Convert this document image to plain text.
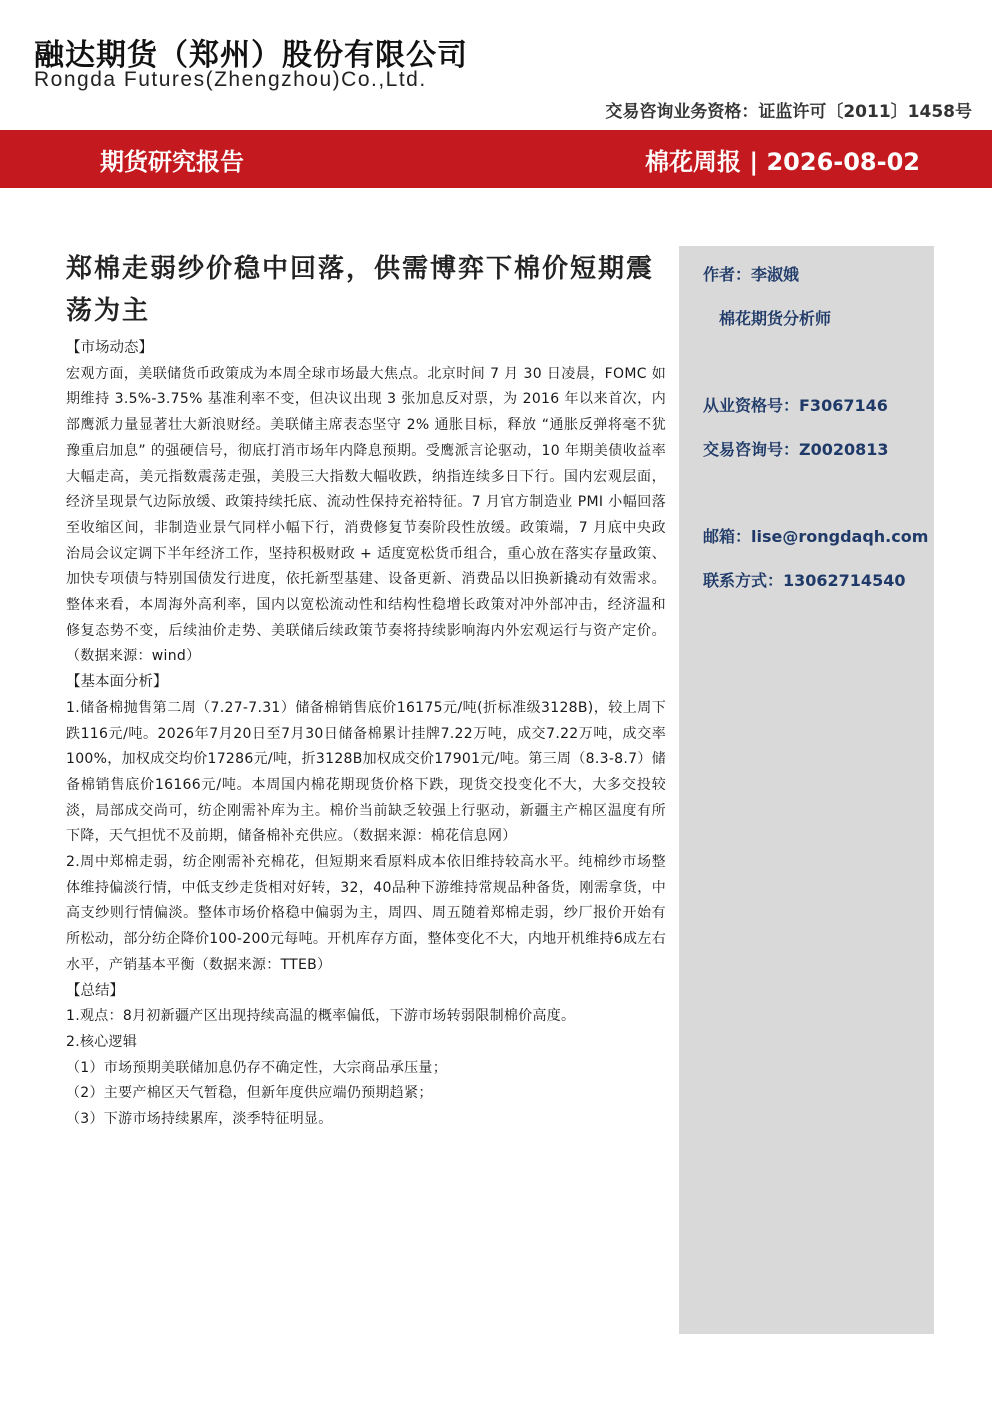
融达期货（郑州）股份有限公司
Rongda Futures(Zhengzhou)Co.,Ltd.
交易咨询业务资格：证监许可〔2011〕1458号
期货研究报告	棉花周报 | 2026-08-02
作者：李淑娥
棉花期货分析师
从业资格号：F3067146
交易咨询号：Z0020813
邮箱：lise@rongdaqh.com
联系方式：13062714540
郑棉走弱纱价稳中回落，供需博弈下棉价短期震荡为主

【市场动态】

宏观方面，美联储货币政策成为本周全球市场最大焦点。北京时间 7 月 30 日凌晨，FOMC 如期维持 3.5%-3.75% 基准利率不变，但决议出现 3 张加息反对票，为 2016 年以来首次，内部鹰派力量显著壮大新浪财经。美联储主席表态坚守 2% 通胀目标，释放 “通胀反弹将毫不犹豫重启加息” 的强硬信号，彻底打消市场年内降息预期。受鹰派言论驱动，10 年期美债收益率大幅走高，美元指数震荡走强，美股三大指数大幅收跌，纳指连续多日下行。国内宏观层面，经济呈现景气边际放缓、政策持续托底、流动性保持充裕特征。7 月官方制造业 PMI 小幅回落至收缩区间，非制造业景气同样小幅下行，消费修复节奏阶段性放缓。政策端，7 月底中央政治局会议定调下半年经济工作，坚持积极财政 + 适度宽松货币组合，重心放在落实存量政策、加快专项债与特别国债发行进度，依托新型基建、设备更新、消费品以旧换新撬动有效需求。整体来看，本周海外高利率，国内以宽松流动性和结构性稳增长政策对冲外部冲击，经济温和修复态势不变，后续油价走势、美联储后续政策节奏将持续影响海内外宏观运行与资产定价。（数据来源：wind）

【基本面分析】

1.储备棉抛售第二周（7.27-7.31）储备棉销售底价16175元/吨(折标准级3128B)，较上周下跌116元/吨。2026年7月20日至7月30日储备棉累计挂牌7.22万吨，成交7.22万吨，成交率100%，加权成交均价17286元/吨，折3128B加权成交价17901元/吨。第三周（8.3-8.7）储备棉销售底价16166元/吨。本周国内棉花期现货价格下跌，现货交投变化不大，大多交投较淡，局部成交尚可，纺企刚需补库为主。棉价当前缺乏较强上行驱动，新疆主产棉区温度有所下降，天气担忧不及前期，储备棉补充供应。（数据来源：棉花信息网）

2.周中郑棉走弱，纺企刚需补充棉花，但短期来看原料成本依旧维持较高水平。纯棉纱市场整体维持偏淡行情，中低支纱走货相对好转，32，40品种下游维持常规品种备货，刚需拿货，中高支纱则行情偏淡。整体市场价格稳中偏弱为主，周四、周五随着郑棉走弱，纱厂报价开始有所松动，部分纺企降价100-200元每吨。开机库存方面，整体变化不大，内地开机维持6成左右水平，产销基本平衡（数据来源：TTEB）

【总结】

1.观点：8月初新疆产区出现持续高温的概率偏低，下游市场转弱限制棉价高度。

2.核心逻辑

（1）市场预期美联储加息仍存不确定性，大宗商品承压量；

（2）主要产棉区天气暂稳，但新年度供应端仍预期趋紧；

（3）下游市场持续累库，淡季特征明显。
